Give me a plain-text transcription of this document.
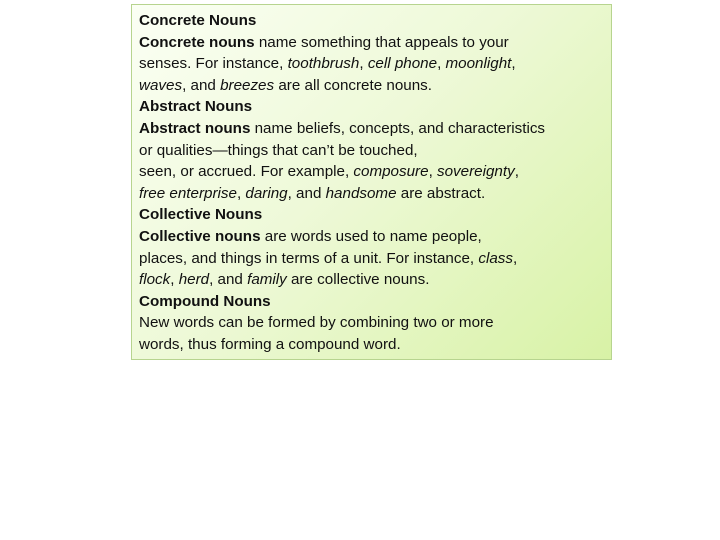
Concrete Nouns
Concrete nouns name something that appeals to your
senses. For instance, toothbrush, cell phone, moonlight,
waves, and breezes are all concrete nouns.
Abstract Nouns
Abstract nouns name beliefs, concepts, and characteristics
or qualities—things that can’t be touched,
seen, or accrued. For example, composure, sovereignty,
free enterprise, daring, and handsome are abstract.
Collective Nouns
Collective nouns are words used to name people,
places, and things in terms of a unit. For instance, class,
flock, herd, and family are collective nouns.
Compound Nouns
New words can be formed by combining two or more
words, thus forming a compound word.
